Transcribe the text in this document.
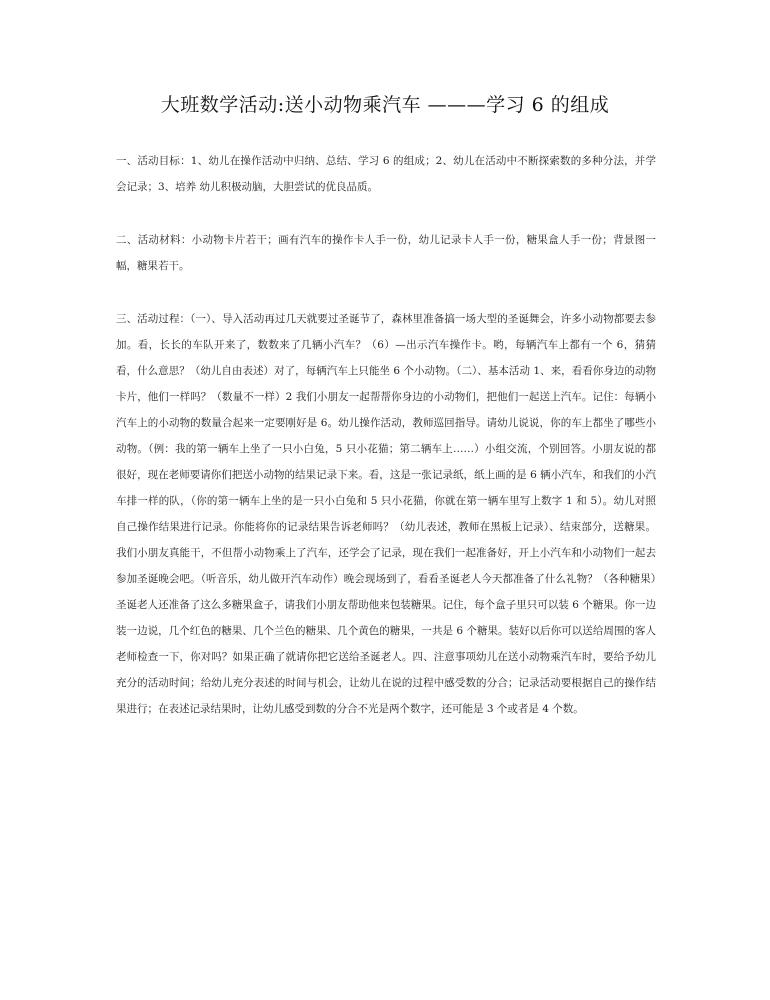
大班数学活动:送小动物乘汽车 ———学习 6 的组成
一、活动目标：1、幼儿在操作活动中归纳、总结、学习 6 的组成；2、幼儿在活动中不断探索数的多种分法，并学会记录；3、培养 幼儿积极动脑，大胆尝试的优良品质。
二、活动材料：小动物卡片若干；画有汽车的操作卡人手一份，幼儿记录卡人手一份，糖果盒人手一份；背景图一幅，糖果若干。
三、活动过程：（一）、导入活动再过几天就要过圣诞节了，森林里准备搞一场大型的圣诞舞会，许多小动物都要去参加。看，长长的车队开来了，数数来了几辆小汽车？（6）—出示汽车操作卡。哟，每辆汽车上都有一个 6，猜猜看，什么意思？（幼儿自由表述）对了，每辆汽车上只能坐 6 个小动物。（二）、基本活动 1、来，看看你身边的动物卡片，他们一样吗？（数量不一样）2 我们小朋友一起帮帮你身边的小动物们，把他们一起送上汽车。记住：每辆小汽车上的小动物的数量合起来一定要刚好是 6。幼儿操作活动，教师巡回指导。请幼儿说说，你的车上都坐了哪些小动物。（例：我的第一辆车上坐了一只小白兔，5 只小花猫；第二辆车上……）小组交流，个别回答。小朋友说的都很好，现在老师要请你们把送小动物的结果记录下来。看，这是一张记录纸，纸上画的是 6 辆小汽车，和我们的小汽车排一样的队，（你的第一辆车上坐的是一只小白兔和 5 只小花猫，你就在第一辆车里写上数字 1 和 5）。幼儿对照自己操作结果进行记录。你能将你的记录结果告诉老师吗？（幼儿表述，教师在黑板上记录）、结束部分，送糖果。我们小朋友真能干，不但帮小动物乘上了汽车，还学会了记录，现在我们一起准备好，开上小汽车和小动物们一起去参加圣诞晚会吧。（听音乐，幼儿做开汽车动作）晚会现场到了，看看圣诞老人今天都准备了什么礼物？（各种糖果）圣诞老人还准备了这么多糖果盒子，请我们小朋友帮助他来包装糖果。记住，每个盒子里只可以装 6 个糖果。你一边装一边说，几个红色的糖果、几个兰色的糖果、几个黄色的糖果，一共是 6 个糖果。装好以后你可以送给周围的客人老师检查一下，你对吗？如果正确了就请你把它送给圣诞老人。四、注意事项幼儿在送小动物乘汽车时，要给予幼儿充分的活动时间；给幼儿充分表述的时间与机会，让幼儿在说的过程中感受数的分合；记录活动要根据自己的操作结果进行；在表述记录结果时，让幼儿感受到数的分合不光是两个数字，还可能是 3 个或者是 4 个数。
